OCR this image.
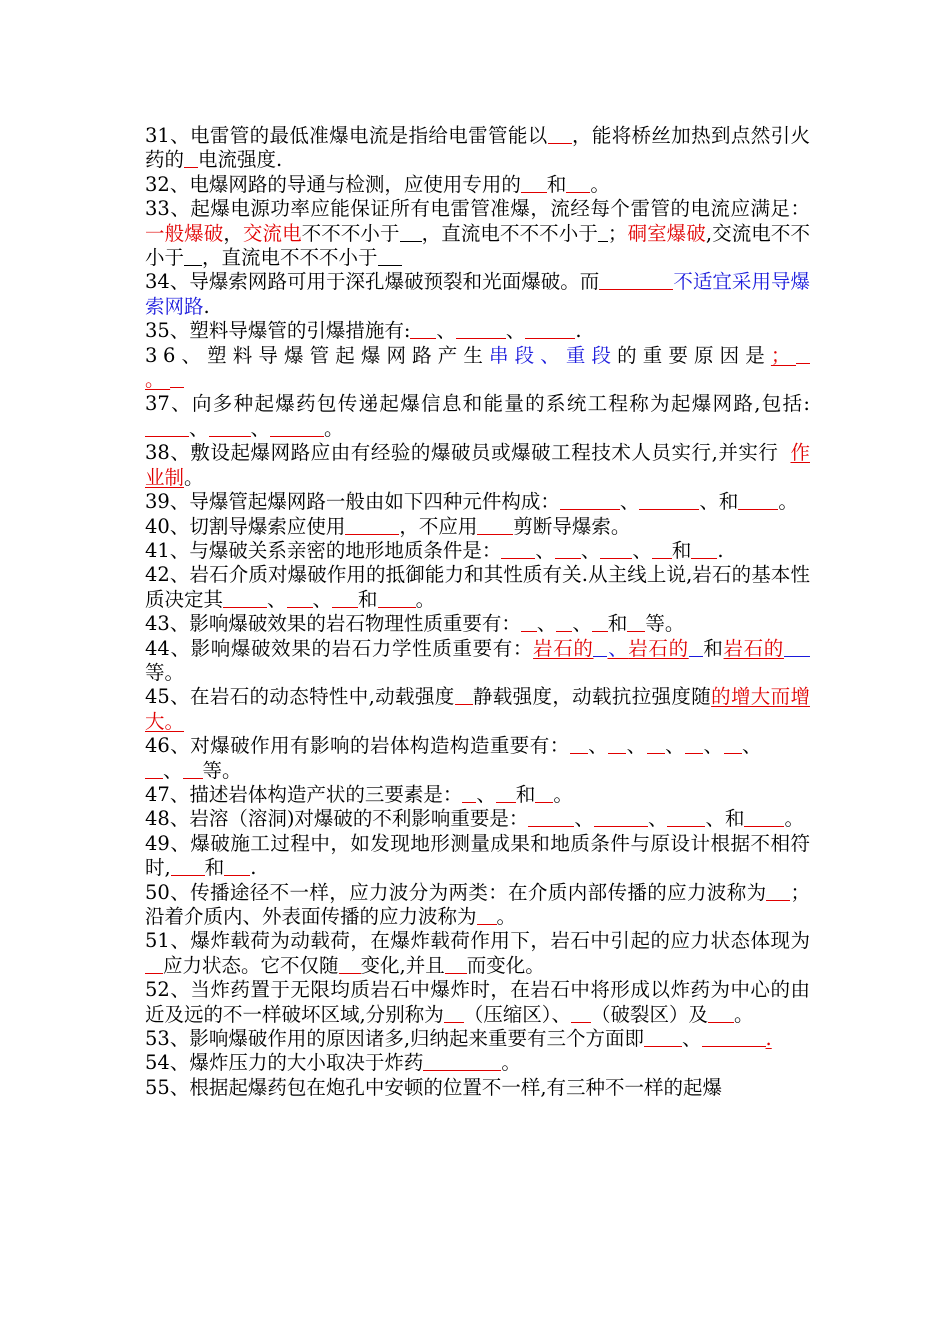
31、电雷管的最低准爆电流是指给电雷管能以 ，能将桥丝加热到点然引火药的 电流强度.

32、电爆网路的导通与检测，应使用专用的 和 。

33、起爆电源功率应能保证所有电雷管准爆，流经每个雷管的电流应满足：一般爆破，交流电不不不小于 ，直流电不不不小于 ；硐室爆破,交流电不不小于 ，直流电不不不小于

34、导爆索网路可用于深孔爆破预裂和光面爆破。而	不适宜采用导爆索网路.

35、塑料导爆管的引爆措施有: 、	、	.

36、塑料导爆管起爆网路产生串段、重段的重要原因是；。

37、向多种起爆药包传递起爆信息和能量的系统工程称为起爆网路,包括:、 、	。

38、敷设起爆网路应由有经验的爆破员或爆破工程技术人员实行,并实行 作业制。

39、导爆管起爆网路一般由如下四种元件构成：	、	、和 。

40、切割导爆索应使用	，不应用 剪断导爆索。

41、与爆破关系亲密的地形地质条件是： 、 、 、 和 .

42、岩石介质对爆破作用的抵御能力和其性质有关.从主线上说,岩石的基本性质决定其 、 、 和 。

43、影响爆破效果的岩石物理性质重要有： 、 、 和 等。

44、影响爆破效果的岩石力学性质重要有：岩石的 、岩石的 和岩石的等。

45、在岩石的动态特性中,动载强度 静载强度，动载抗拉强度随的增大而增大。

46、对爆破作用有影响的岩体构造构造重要有： 、 、 、 、 、、 等。

47、描述岩体构造产状的三要素是： 、 和 。

48、岩溶（溶洞)对爆破的不利影响重要是： 、	、 、和 。

49、爆破施工过程中，如发现地形测量成果和地质条件与原设计根据不相符时, 和 .

50、传播途径不一样，应力波分为两类：在介质内部传播的应力波称为 ；沿着介质内、外表面传播的应力波称为 。

51、爆炸载荷为动载荷，在爆炸载荷作用下，岩石中引起的应力状态体现为应力状态。它不仅随 变化,并且 而变化。

52、当炸药置于无限均质岩石中爆炸时，在岩石中将形成以炸药为中心的由近及远的不一样破坏区域,分别称为 （压缩区）、 （破裂区）及 。

53、影响爆破作用的原因诸多,归纳起来重要有三个方面即 、	.

54、爆炸压力的大小取决于炸药	。

55、根据起爆药包在炮孔中安顿的位置不一样,有三种不一样的起爆
